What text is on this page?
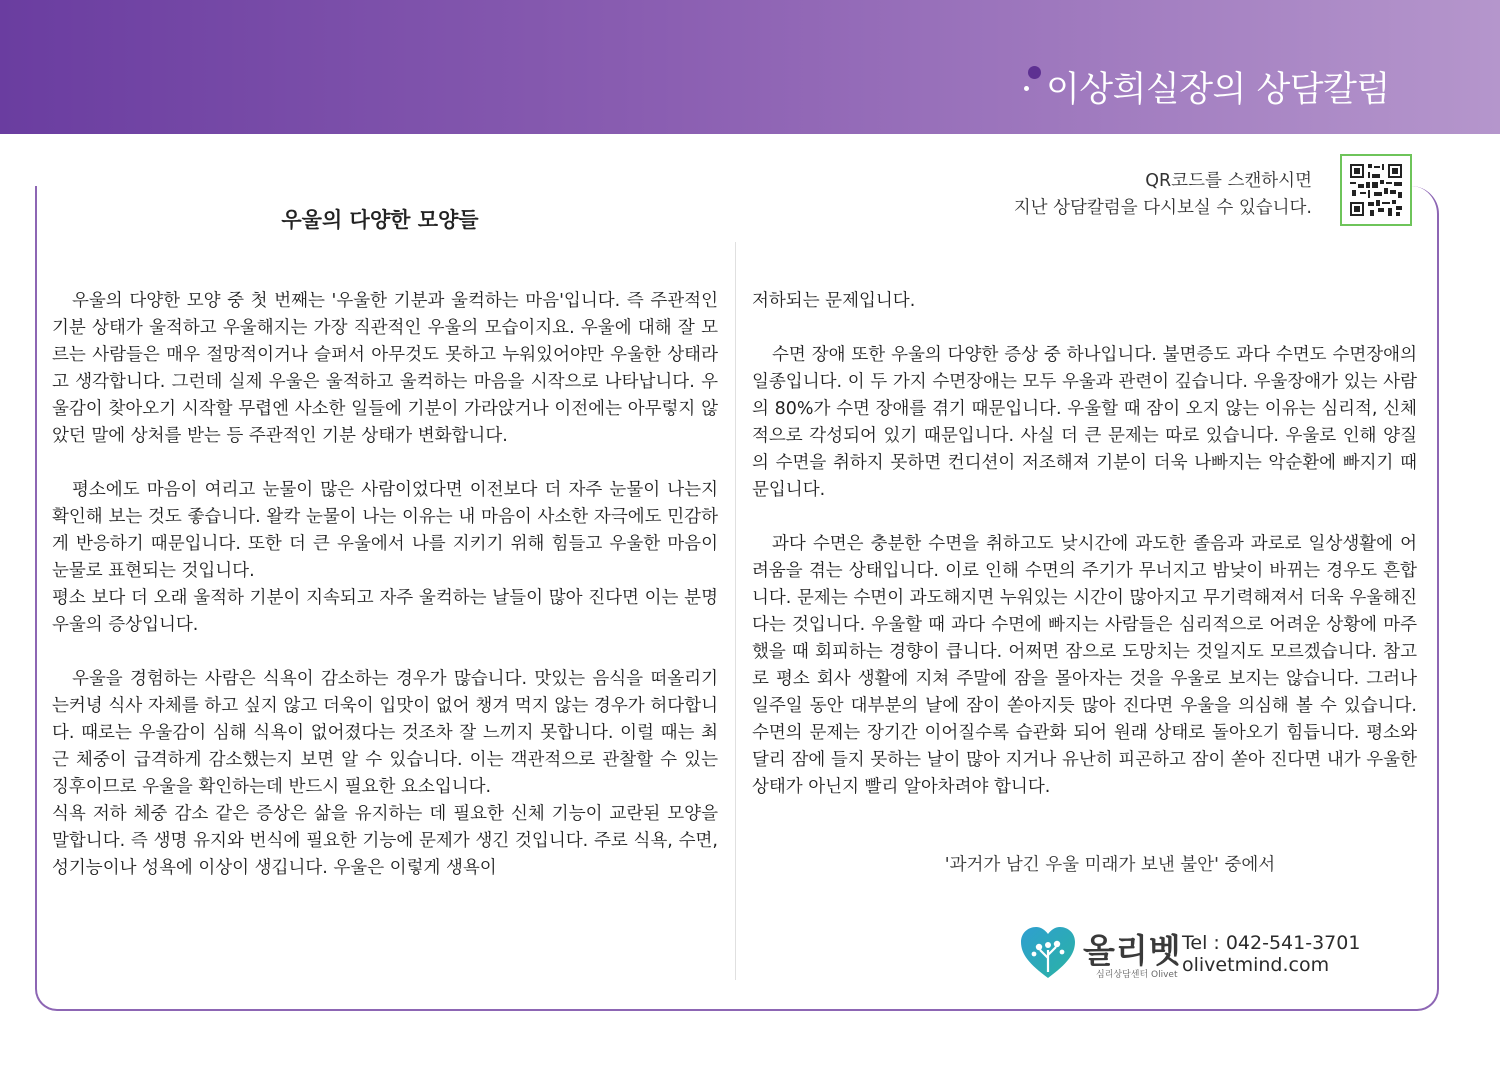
이상희실장의 상담칼럼
QR코드를 스캔하시면
지난 상담칼럼을 다시보실 수 있습니다.
우울의 다양한 모양들

우울의 다양한 모양 중 첫 번째는 '우울한 기분과 울컥하는 마음'입니다. 즉 주관적인 기분 상태가 울적하고 우울해지는 가장 직관적인 우울의 모습이지요. 우울에 대해 잘 모르는 사람들은 매우 절망적이거나 슬퍼서 아무것도 못하고 누워있어야만 우울한 상태라고 생각합니다. 그런데 실제 우울은 울적하고 울컥하는 마음을 시작으로 나타납니다. 우울감이 찾아오기 시작할 무렵엔 사소한 일들에 기분이 가라앉거나 이전에는 아무렇지 않았던 말에 상처를 받는 등 주관적인 기분 상태가 변화합니다.

평소에도 마음이 여리고 눈물이 많은 사람이었다면 이전보다 더 자주 눈물이 나는지 확인해 보는 것도 좋습니다. 왈칵 눈물이 나는 이유는 내 마음이 사소한 자극에도 민감하게 반응하기 때문입니다. 또한 더 큰 우울에서 나를 지키기 위해 힘들고 우울한 마음이 눈물로 표현되는 것입니다.

평소 보다 더 오래 울적하 기분이 지속되고 자주 울컥하는 날들이 많아 진다면 이는 분명 우울의 증상입니다.

우울을 경험하는 사람은 식욕이 감소하는 경우가 많습니다. 맛있는 음식을 떠올리기는커녕 식사 자체를 하고 싶지 않고 더욱이 입맛이 없어 챙겨 먹지 않는 경우가 허다합니다. 때로는 우울감이 심해 식욕이 없어졌다는 것조차 잘 느끼지 못합니다. 이럴 때는 최근 체중이 급격하게 감소했는지 보면 알 수 있습니다. 이는 객관적으로 관찰할 수 있는 징후이므로 우울을 확인하는데 반드시 필요한 요소입니다.

식욕 저하 체중 감소 같은 증상은 삶을 유지하는 데 필요한 신체 기능이 교란된 모양을 말합니다. 즉 생명 유지와 번식에 필요한 기능에 문제가 생긴 것입니다. 주로 식욕, 수면, 성기능이나 성욕에 이상이 생깁니다. 우울은 이렇게 생욕이

저하되는 문제입니다.

수면 장애 또한 우울의 다양한 증상 중 하나입니다. 불면증도 과다 수면도 수면장애의 일종입니다. 이 두 가지 수면장애는 모두 우울과 관련이 깊습니다. 우울장애가 있는 사람의 80%가 수면 장애를 겪기 때문입니다. 우울할 때 잠이 오지 않는 이유는 심리적, 신체적으로 각성되어 있기 때문입니다. 사실 더 큰 문제는 따로 있습니다. 우울로 인해 양질의 수면을 취하지 못하면 컨디션이 저조해져 기분이 더욱 나빠지는 악순환에 빠지기 때문입니다.

과다 수면은 충분한 수면을 취하고도 낮시간에 과도한 졸음과 과로로 일상생활에 어려움을 겪는 상태입니다. 이로 인해 수면의 주기가 무너지고 밤낮이 바뀌는 경우도 흔합니다. 문제는 수면이 과도해지면 누워있는 시간이 많아지고 무기력해져서 더욱 우울해진다는 것입니다. 우울할 때 과다 수면에 빠지는 사람들은 심리적으로 어려운 상황에 마주했을 때 회피하는 경향이 큽니다. 어쩌면 잠으로 도망치는 것일지도 모르겠습니다. 참고로 평소 회사 생활에 지쳐 주말에 잠을 몰아자는 것을 우울로 보지는 않습니다. 그러나 일주일 동안 대부분의 날에 잠이 쏟아지듯 많아 진다면 우울을 의심해 볼 수 있습니다. 수면의 문제는 장기간 이어질수록 습관화 되어 원래 상태로 돌아오기 힘듭니다. 평소와 달리 잠에 들지 못하는 날이 많아 지거나 유난히 피곤하고 잠이 쏟아 진다면 내가 우울한 상태가 아닌지 빨리 알아차려야 합니다.

'과거가 남긴 우울 미래가 보낸 불안' 중에서
올리벳
심리상담센터 Olivet
Tel : 042-541-3701
olivetmind.com
